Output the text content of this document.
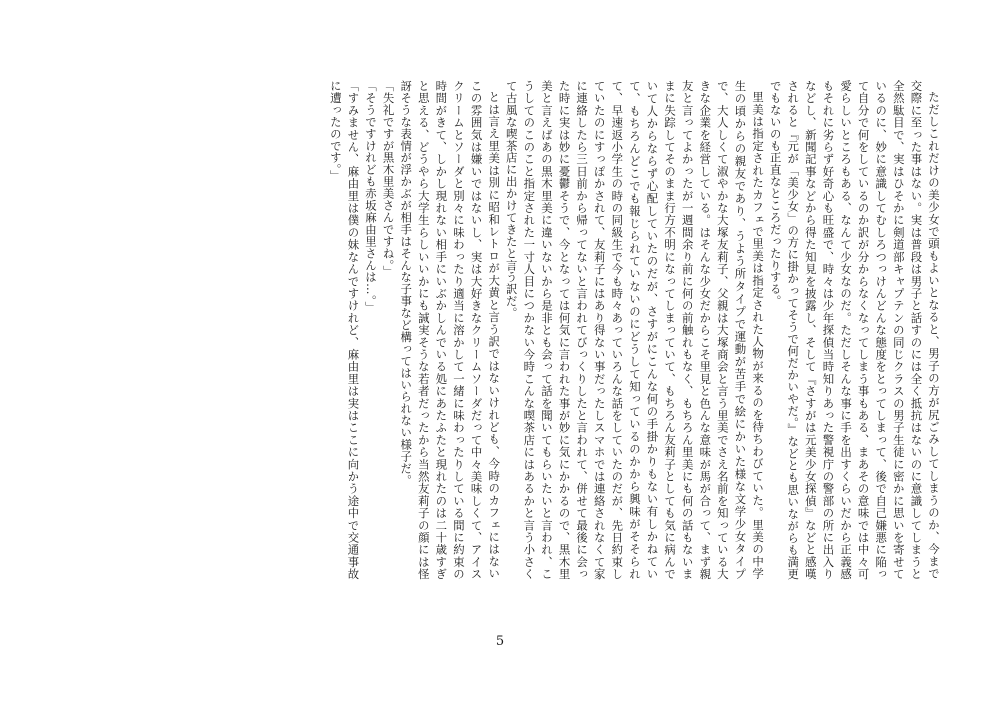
ただしこれだけの美少女で頭もよいとなると、男子の方が尻ごみしてしまうのか、今まで交際に至った事はない。実は普段は男子と話すのには全く抵抗はないのに意識してしまうと全然駄目で、実はひそかに剣道部キャプテンの同じクラスの男子生徒に密かに思いを寄せているのに、妙に意識してむしろつっけんどんな態度をとってしまって、後で自己嫌悪に陥って自分で何をしているのか訳が分からなくなってしまう事もある、まあその意味では中々可愛らしいところもある、なんて少女なのだ。ただしそんな事に手を出すくらいだから正義感もそれに劣らず好奇心も旺盛で、時々は少年探偵当時知りあった警視庁の警部の所に出入りなどし、新聞記事などから得た知見を披露し、そして『さすがは元美少女探偵』などと感嘆されると『元が「美少女」の方に掛かってそうで何だかいやだ。』などとも思いながらも満更でもないのも正直なところだったりする。

里美は指定されたカフェで里美は指定された人物が来るのを待ちわびていた。里美の中学生の頃からの親友であり、うよう所タイプで運動が苦手で絵にかいた様な文学少女タイプで、大人しくて淑やかな大塚友莉子、父親は大塚商会と言う里美でさえ名前を知っている大きな企業を経営している。はそんな少女だからこそ里見と色んな意味が馬が合って、まず親友と言ってよかったが一週間余り前に何の前触れもなく、もちろん里美にも何の話もないままに失踪してそのまま行方不明になってしまっていて、もちろん友莉子としても気に病んでいて人からならず心配していたのだが、さすがにこんな何の手掛かりもない有しかねていて、もちろんどこでも報じられていないのにどうして知っているのかから興味がそそられて、早速返小学生の時の同級生で今も時々あっていろんな話をしていたのだが、先日約束していたのにすっぽかされて、友莉子にはあり得ない事だったしスマホでは連絡されなくて家に連絡したら三日前から帰ってないと言われてびっくりしたと言われて、併せて最後に会った時に実は妙に憂鬱そうで、今となっては何気に言われた事が妙に気にかかるので、黒木里美と言えばあの黒木里美に違いないから是非とも会って話を聞いてもらいたいと言われ、こうしてのこのこと指定された一寸人目につかない今時こんな喫茶店にはあるかと言う小さくて古風な喫茶店に出かけてきたと言う訳だ。

とは言え里美は別に昭和レトロが大黄と言う訳ではないけれども、今時のカフェにはないこの雰囲気は嫌いではないし、実は大好きなクリームソーダだって中々美味しくて、アイスクリームとソーダと別々に味わったり適当に溶かして一緒に味わったりしている間に約束の時間がきて、しかし現れない相手にいぶかしんでいる処にあたふたと現れたのは二十歳すぎと思える、どうやら大学生らしいいかにも誠実そうな若者だったから当然友莉子の顔には怪訝そうな表情が浮かぶが相手はそんな子事など構ってはいられない様子だ。

「失礼ですが黒木里美さんですね。」

「そうですけれども赤坂麻由里さんは…。」

「すみません、麻由里は僕の妹なんですけれど、麻由里は実はここに向かう途中で交通事故に遭ったのです。」

5
